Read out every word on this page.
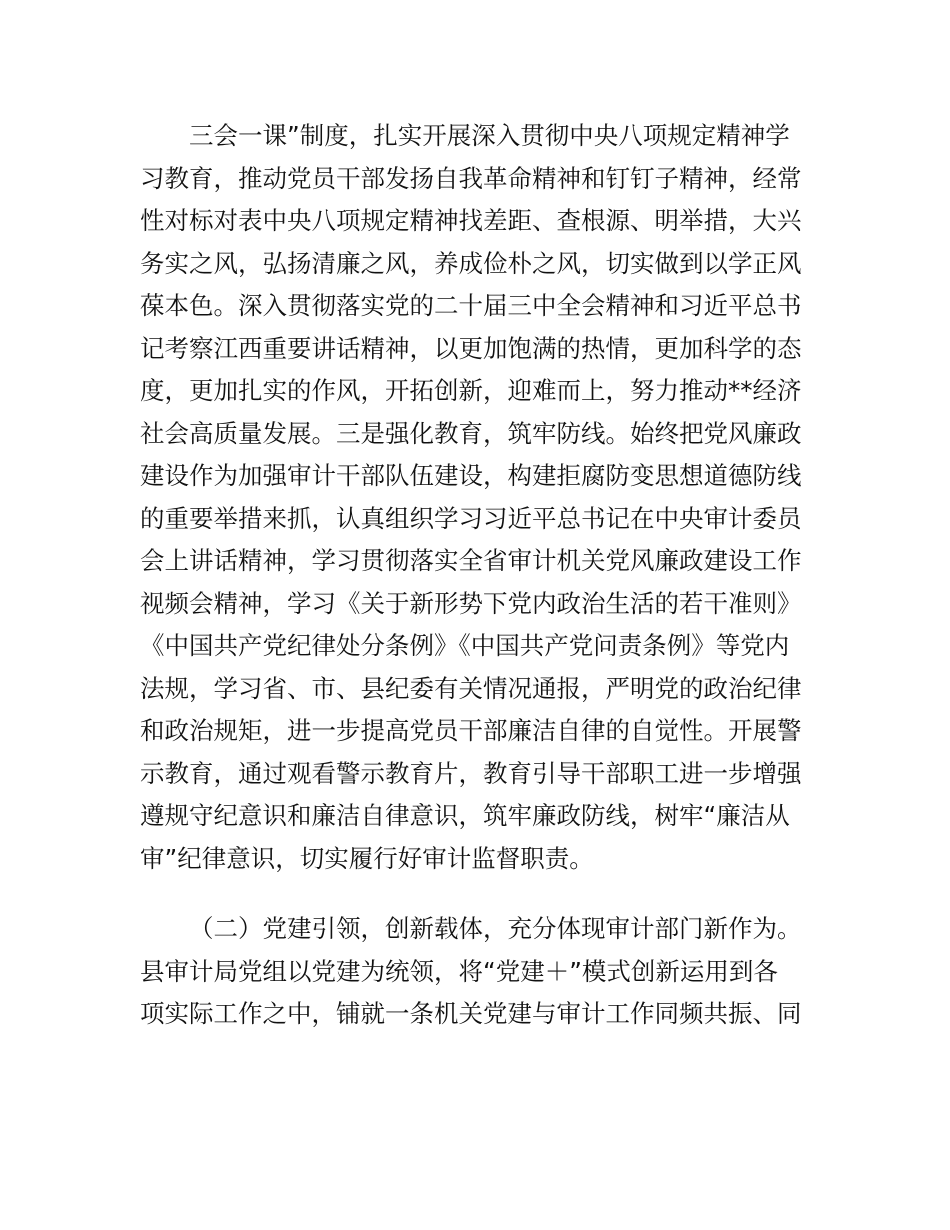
三会一课”制度，扎实开展深入贯彻中央八项规定精神学
习教育，推动党员干部发扬自我革命精神和钉钉子精神，经常
性对标对表中央八项规定精神找差距、查根源、明举措，大兴
务实之风，弘扬清廉之风，养成俭朴之风，切实做到以学正风
葆本色。深入贯彻落实党的二十届三中全会精神和习近平总书
记考察江西重要讲话精神，以更加饱满的热情，更加科学的态
度，更加扎实的作风，开拓创新，迎难而上，努力推动**经济
社会高质量发展。三是强化教育，筑牢防线。始终把党风廉政
建设作为加强审计干部队伍建设，构建拒腐防变思想道德防线
的重要举措来抓，认真组织学习习近平总书记在中央审计委员
会上讲话精神，学习贯彻落实全省审计机关党风廉政建设工作
视频会精神，学习《关于新形势下党内政治生活的若干准则》
《中国共产党纪律处分条例》《中国共产党问责条例》等党内
法规，学习省、市、县纪委有关情况通报，严明党的政治纪律
和政治规矩，进一步提高党员干部廉洁自律的自觉性。开展警
示教育，通过观看警示教育片，教育引导干部职工进一步增强
遵规守纪意识和廉洁自律意识，筑牢廉政防线，树牢“廉洁从
审”纪律意识，切实履行好审计监督职责。
（二）党建引领，创新载体，充分体现审计部门新作为。
县审计局党组以党建为统领，将“党建＋”模式创新运用到各
项实际工作之中，铺就一条机关党建与审计工作同频共振、同
